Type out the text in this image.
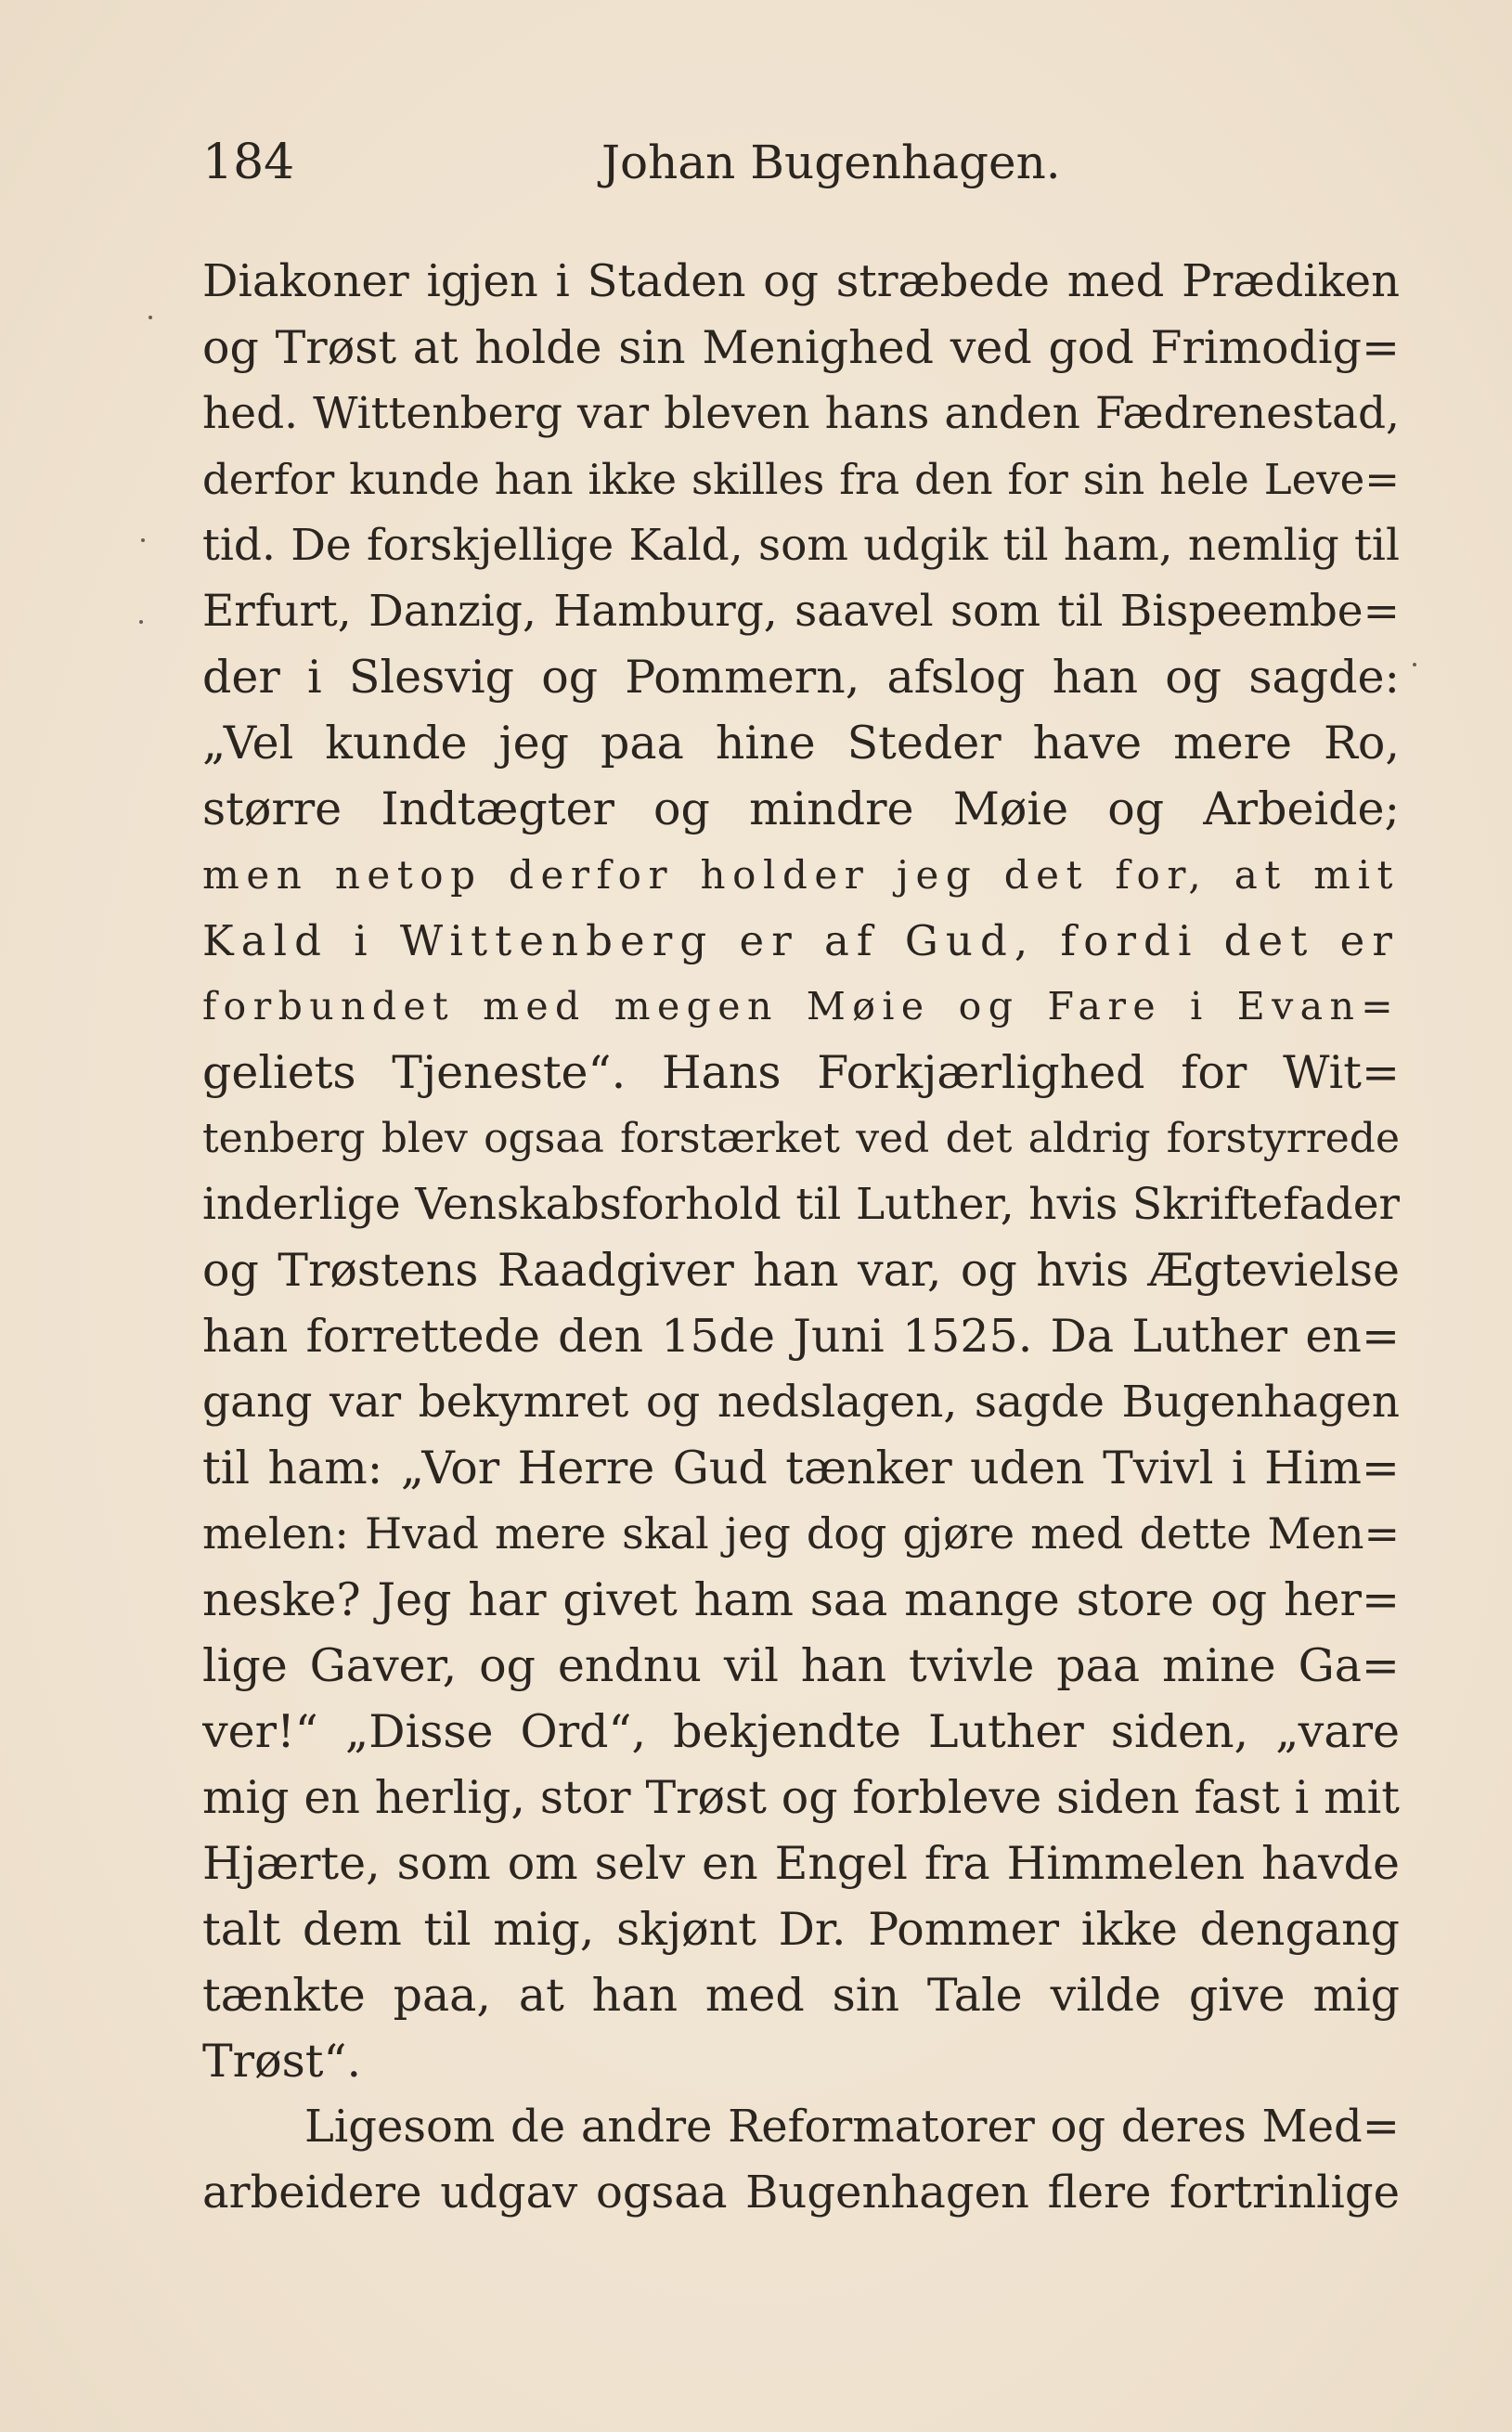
184	Johan Bugenhagen.
Diakoner igjen i Staden og stræbede med Prædiken
og Trøst at holde sin Menighed ved god Frimodig=
hed. Wittenberg var bleven hans anden Fædrenestad,
derfor kunde han ikke skilles fra den for sin hele Leve=
tid. De forskjellige Kald, som udgik til ham, nemlig til
Erfurt, Danzig, Hamburg, saavel som til Bispeembe=
der i Slesvig og Pommern, afslog han og sagde:
„Vel kunde jeg paa hine Steder have mere Ro,
større Indtægter og mindre Møie og Arbeide;
men netop derfor holder jeg det for, at mit
Kald i Wittenberg er af Gud, fordi det er
forbundet med megen Møie og Fare i Evan=
geliets Tjeneste“. Hans Forkjærlighed for Wit=
tenberg blev ogsaa forstærket ved det aldrig forstyrrede
inderlige Venskabsforhold til Luther, hvis Skriftefader
og Trøstens Raadgiver han var, og hvis Ægtevielse
han forrettede den 15de Juni 1525. Da Luther en=
gang var bekymret og nedslagen, sagde Bugenhagen
til ham: „Vor Herre Gud tænker uden Tvivl i Him=
melen: Hvad mere skal jeg dog gjøre med dette Men=
neske? Jeg har givet ham saa mange store og her=
lige Gaver, og endnu vil han tvivle paa mine Ga=
ver!“ „Disse Ord“, bekjendte Luther siden, „vare
mig en herlig, stor Trøst og forbleve siden fast i mit
Hjærte, som om selv en Engel fra Himmelen havde
talt dem til mig, skjønt Dr. Pommer ikke dengang
tænkte paa, at han med sin Tale vilde give mig
Trøst“.
Ligesom de andre Reformatorer og deres Med=
arbeidere udgav ogsaa Bugenhagen flere fortrinlige
